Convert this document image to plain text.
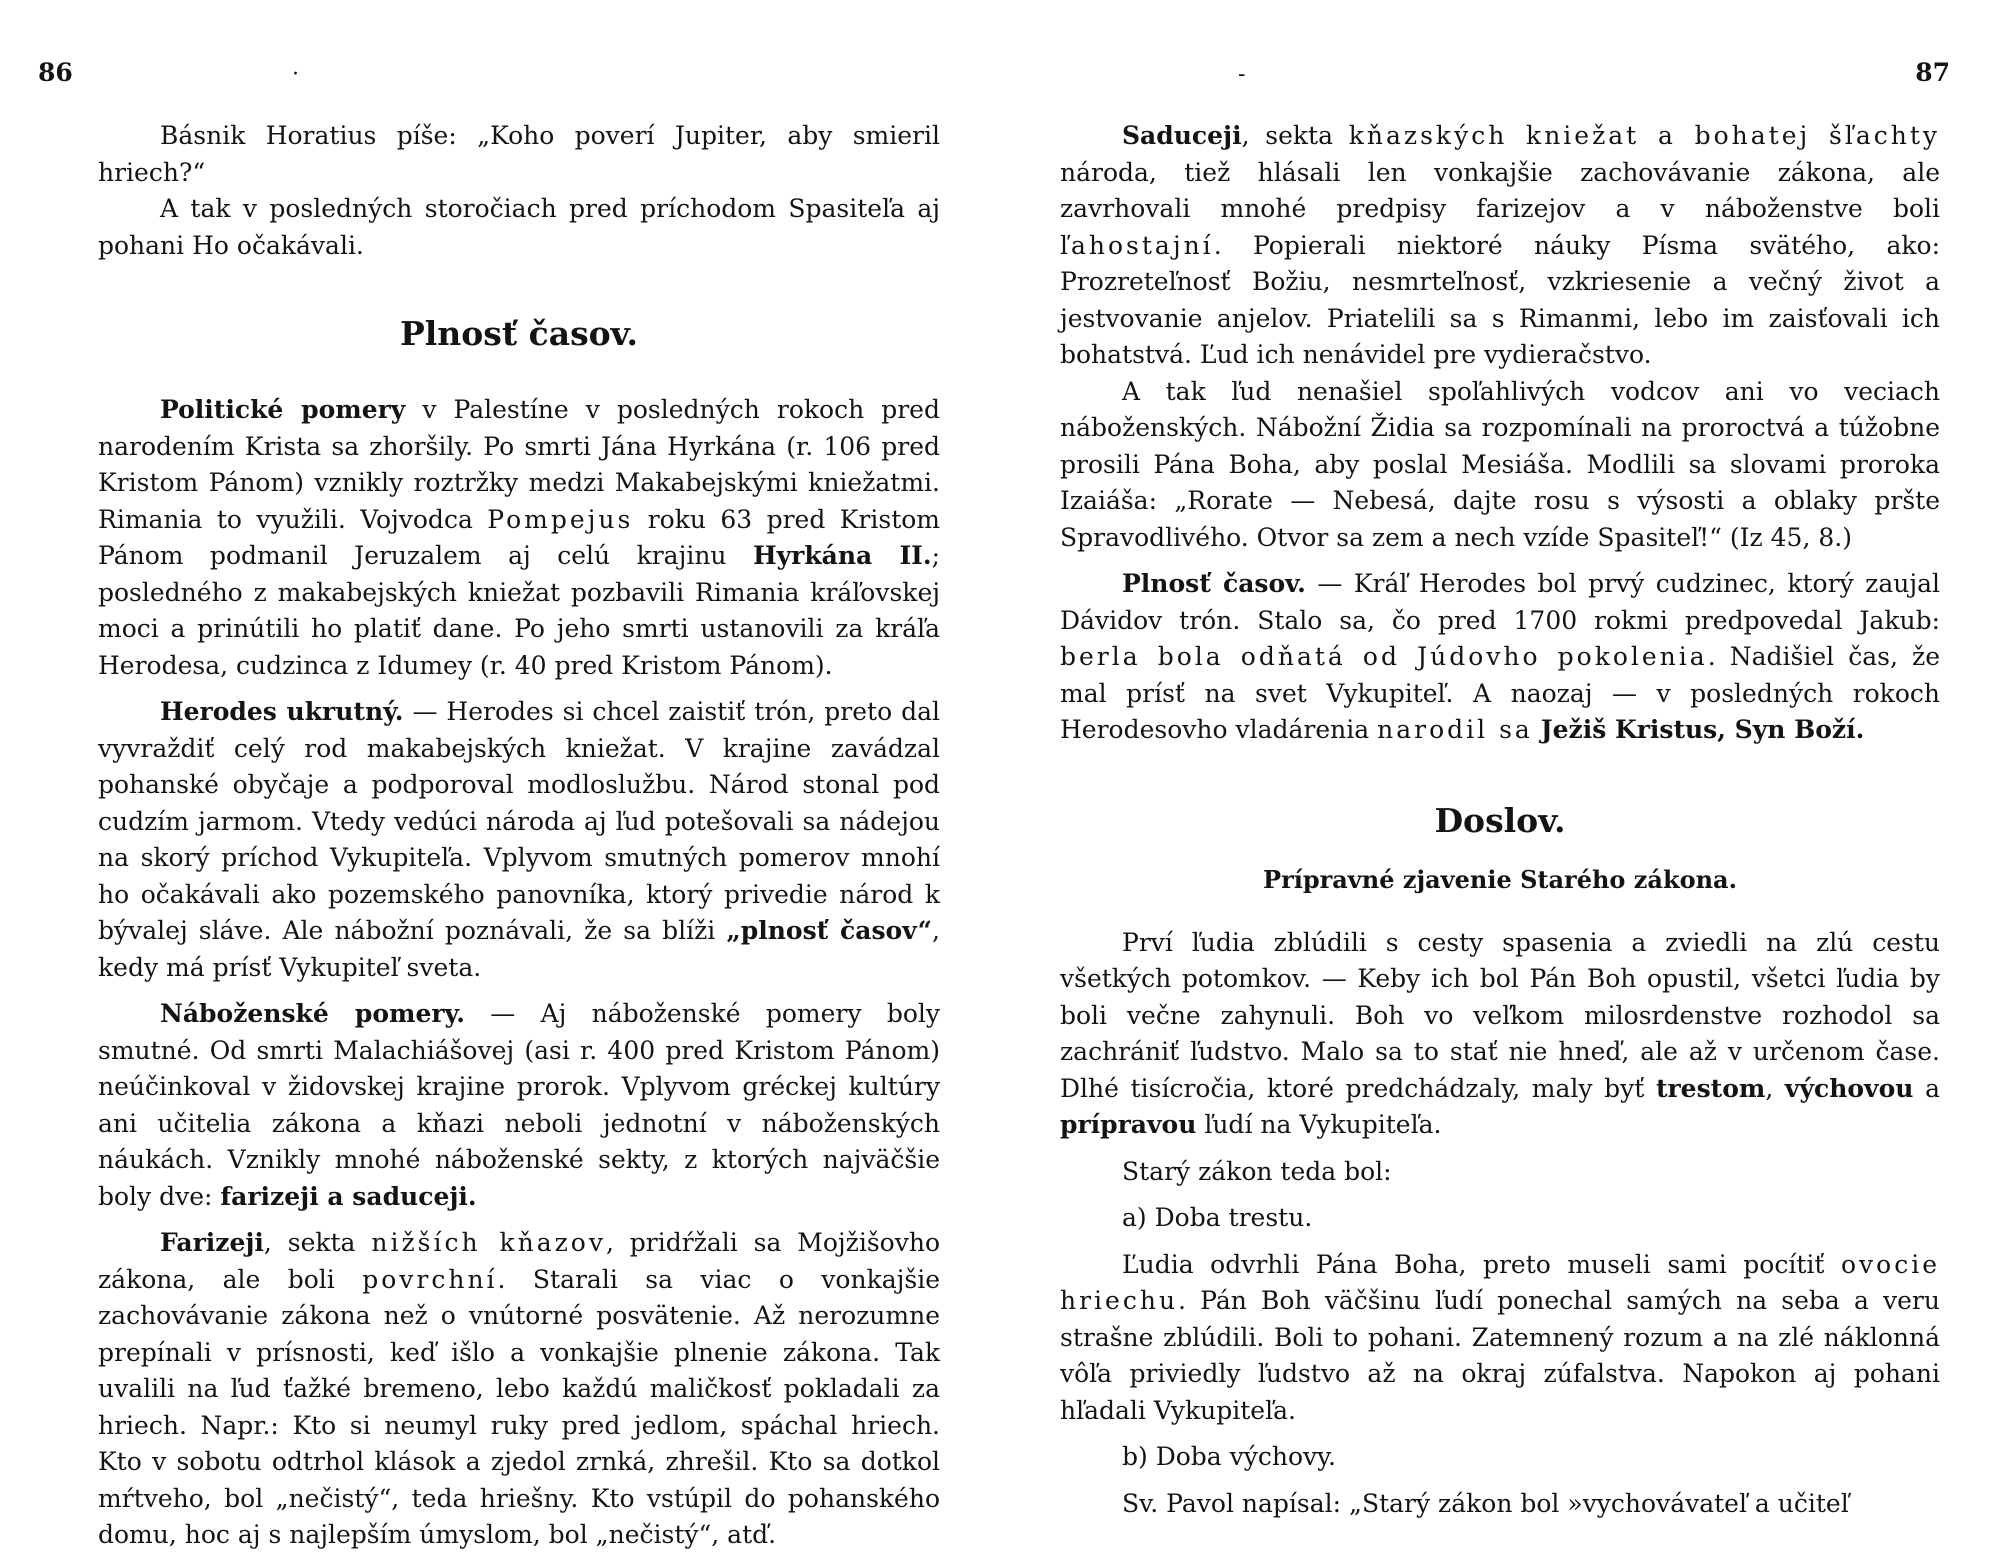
86	·

Básnik Horatius píše: „Koho poverí Jupiter, aby smieril hriech?“

A tak v posledných storočiach pred príchodom Spasiteľa aj pohani Ho očakávali.

Plnosť časov.

Politické pomery v Palestíne v posledných rokoch pred narodením Krista sa zhoršily. Po smrti Jána Hyrkána (r. 106 pred Kristom Pánom) vznikly roztržky medzi Makabejskými kniežatmi. Rimania to využili. Vojvodca Pompejus roku 63 pred Kristom Pánom podmanil Jeruzalem aj celú krajinu Hyrkána II.; posledného z makabejských kniežat pozbavili Rimania kráľovskej moci a prinútili ho platiť dane. Po jeho smrti ustanovili za kráľa Herodesa, cudzinca z Idumey (r. 40 pred Kristom Pánom).

Herodes ukrutný. — Herodes si chcel zaistiť trón, preto dal vyvraždiť celý rod makabejských kniežat. V krajine zavádzal pohanské obyčaje a podporoval modloslužbu. Národ stonal pod cudzím jarmom. Vtedy vedúci národa aj ľud potešovali sa nádejou na skorý príchod Vykupiteľa. Vplyvom smutných pomerov mnohí ho očakávali ako pozemského panovníka, ktorý privedie národ k bývalej sláve. Ale nábožní poznávali, že sa blíži „plnosť časov“, kedy má prísť Vykupiteľ sveta.

Náboženské pomery. — Aj náboženské pomery boly smutné. Od smrti Malachiášovej (asi r. 400 pred Kristom Pánom) neúčinkoval v židovskej krajine prorok. Vplyvom gréckej kultúry ani učitelia zákona a kňazi neboli jednotní v náboženských náukách. Vznikly mnohé náboženské sekty, z ktorých najväčšie boly dve: farizeji a saduceji.

Farizeji, sekta nižších kňazov, pridŕžali sa Mojžišovho zákona, ale boli povrchní. Starali sa viac o vonkajšie zachovávanie zákona než o vnútorné posvätenie. Až nerozumne prepínali v prísnosti, keď išlo a vonkajšie plnenie zákona. Tak uvalili na ľud ťažké bremeno, lebo každú maličkosť pokladali za hriech. Napr.: Kto si neumyl ruky pred jedlom, spáchal hriech. Kto v sobotu odtrhol klások a zjedol zrnká, zhrešil. Kto sa dotkol mŕtveho, bol „nečistý“, teda hriešny. Kto vstúpil do pohanského domu, hoc aj s najlepším úmyslom, bol „nečistý“, atď.

87
-

Saduceji, sekta kňazských kniežat a bohatej šľachty národa, tiež hlásali len vonkajšie zachovávanie zákona, ale zavrhovali mnohé predpisy farizejov a v náboženstve boli ľahostajní. Popierali niektoré náuky Písma svätého, ako: Prozreteľnosť Božiu, nesmrteľnosť, vzkriesenie a večný život a jestvovanie anjelov. Priatelili sa s Rimanmi, lebo im zaisťovali ich bohatstvá. Ľud ich nenávidel pre vydieračstvo.

A tak ľud nenašiel spoľahlivých vodcov ani vo veciach náboženských. Nábožní Židia sa rozpomínali na proroctvá a túžobne prosili Pána Boha, aby poslal Mesiáša. Modlili sa slovami proroka Izaiáša: „Rorate — Nebesá, dajte rosu s výsosti a oblaky pršte Spravodlivého. Otvor sa zem a nech vzíde Spasiteľ!“ (Iz 45, 8.)

Plnosť časov. — Kráľ Herodes bol prvý cudzinec, ktorý zaujal Dávidov trón. Stalo sa, čo pred 1700 rokmi predpovedal Jakub: berla bola odňatá od Júdovho pokolenia. Nadišiel čas, že mal prísť na svet Vykupiteľ. A naozaj — v posledných rokoch Herodesovho vladárenia narodil sa Ježiš Kristus, Syn Boží.

Doslov.
Prípravné zjavenie Starého zákona.

Prví ľudia zblúdili s cesty spasenia a zviedli na zlú cestu všetkých potomkov. — Keby ich bol Pán Boh opustil, všetci ľudia by boli večne zahynuli. Boh vo veľkom milosrdenstve rozhodol sa zachrániť ľudstvo. Malo sa to stať nie hneď, ale až v určenom čase. Dlhé tisícročia, ktoré predchádzaly, maly byť trestom, výchovou a prípravou ľudí na Vykupiteľa.

Starý zákon teda bol:

a) Doba trestu.

Ľudia odvrhli Pána Boha, preto museli sami pocítiť ovocie hriechu. Pán Boh väčšinu ľudí ponechal samých na seba a veru strašne zblúdili. Boli to pohani. Zatemnený rozum a na zlé náklonná vôľa priviedly ľudstvo až na okraj zúfalstva. Napokon aj pohani hľadali Vykupiteľa.

b) Doba výchovy.

Sv. Pavol napísal: „Starý zákon bol »vychovávateľ a učiteľ
